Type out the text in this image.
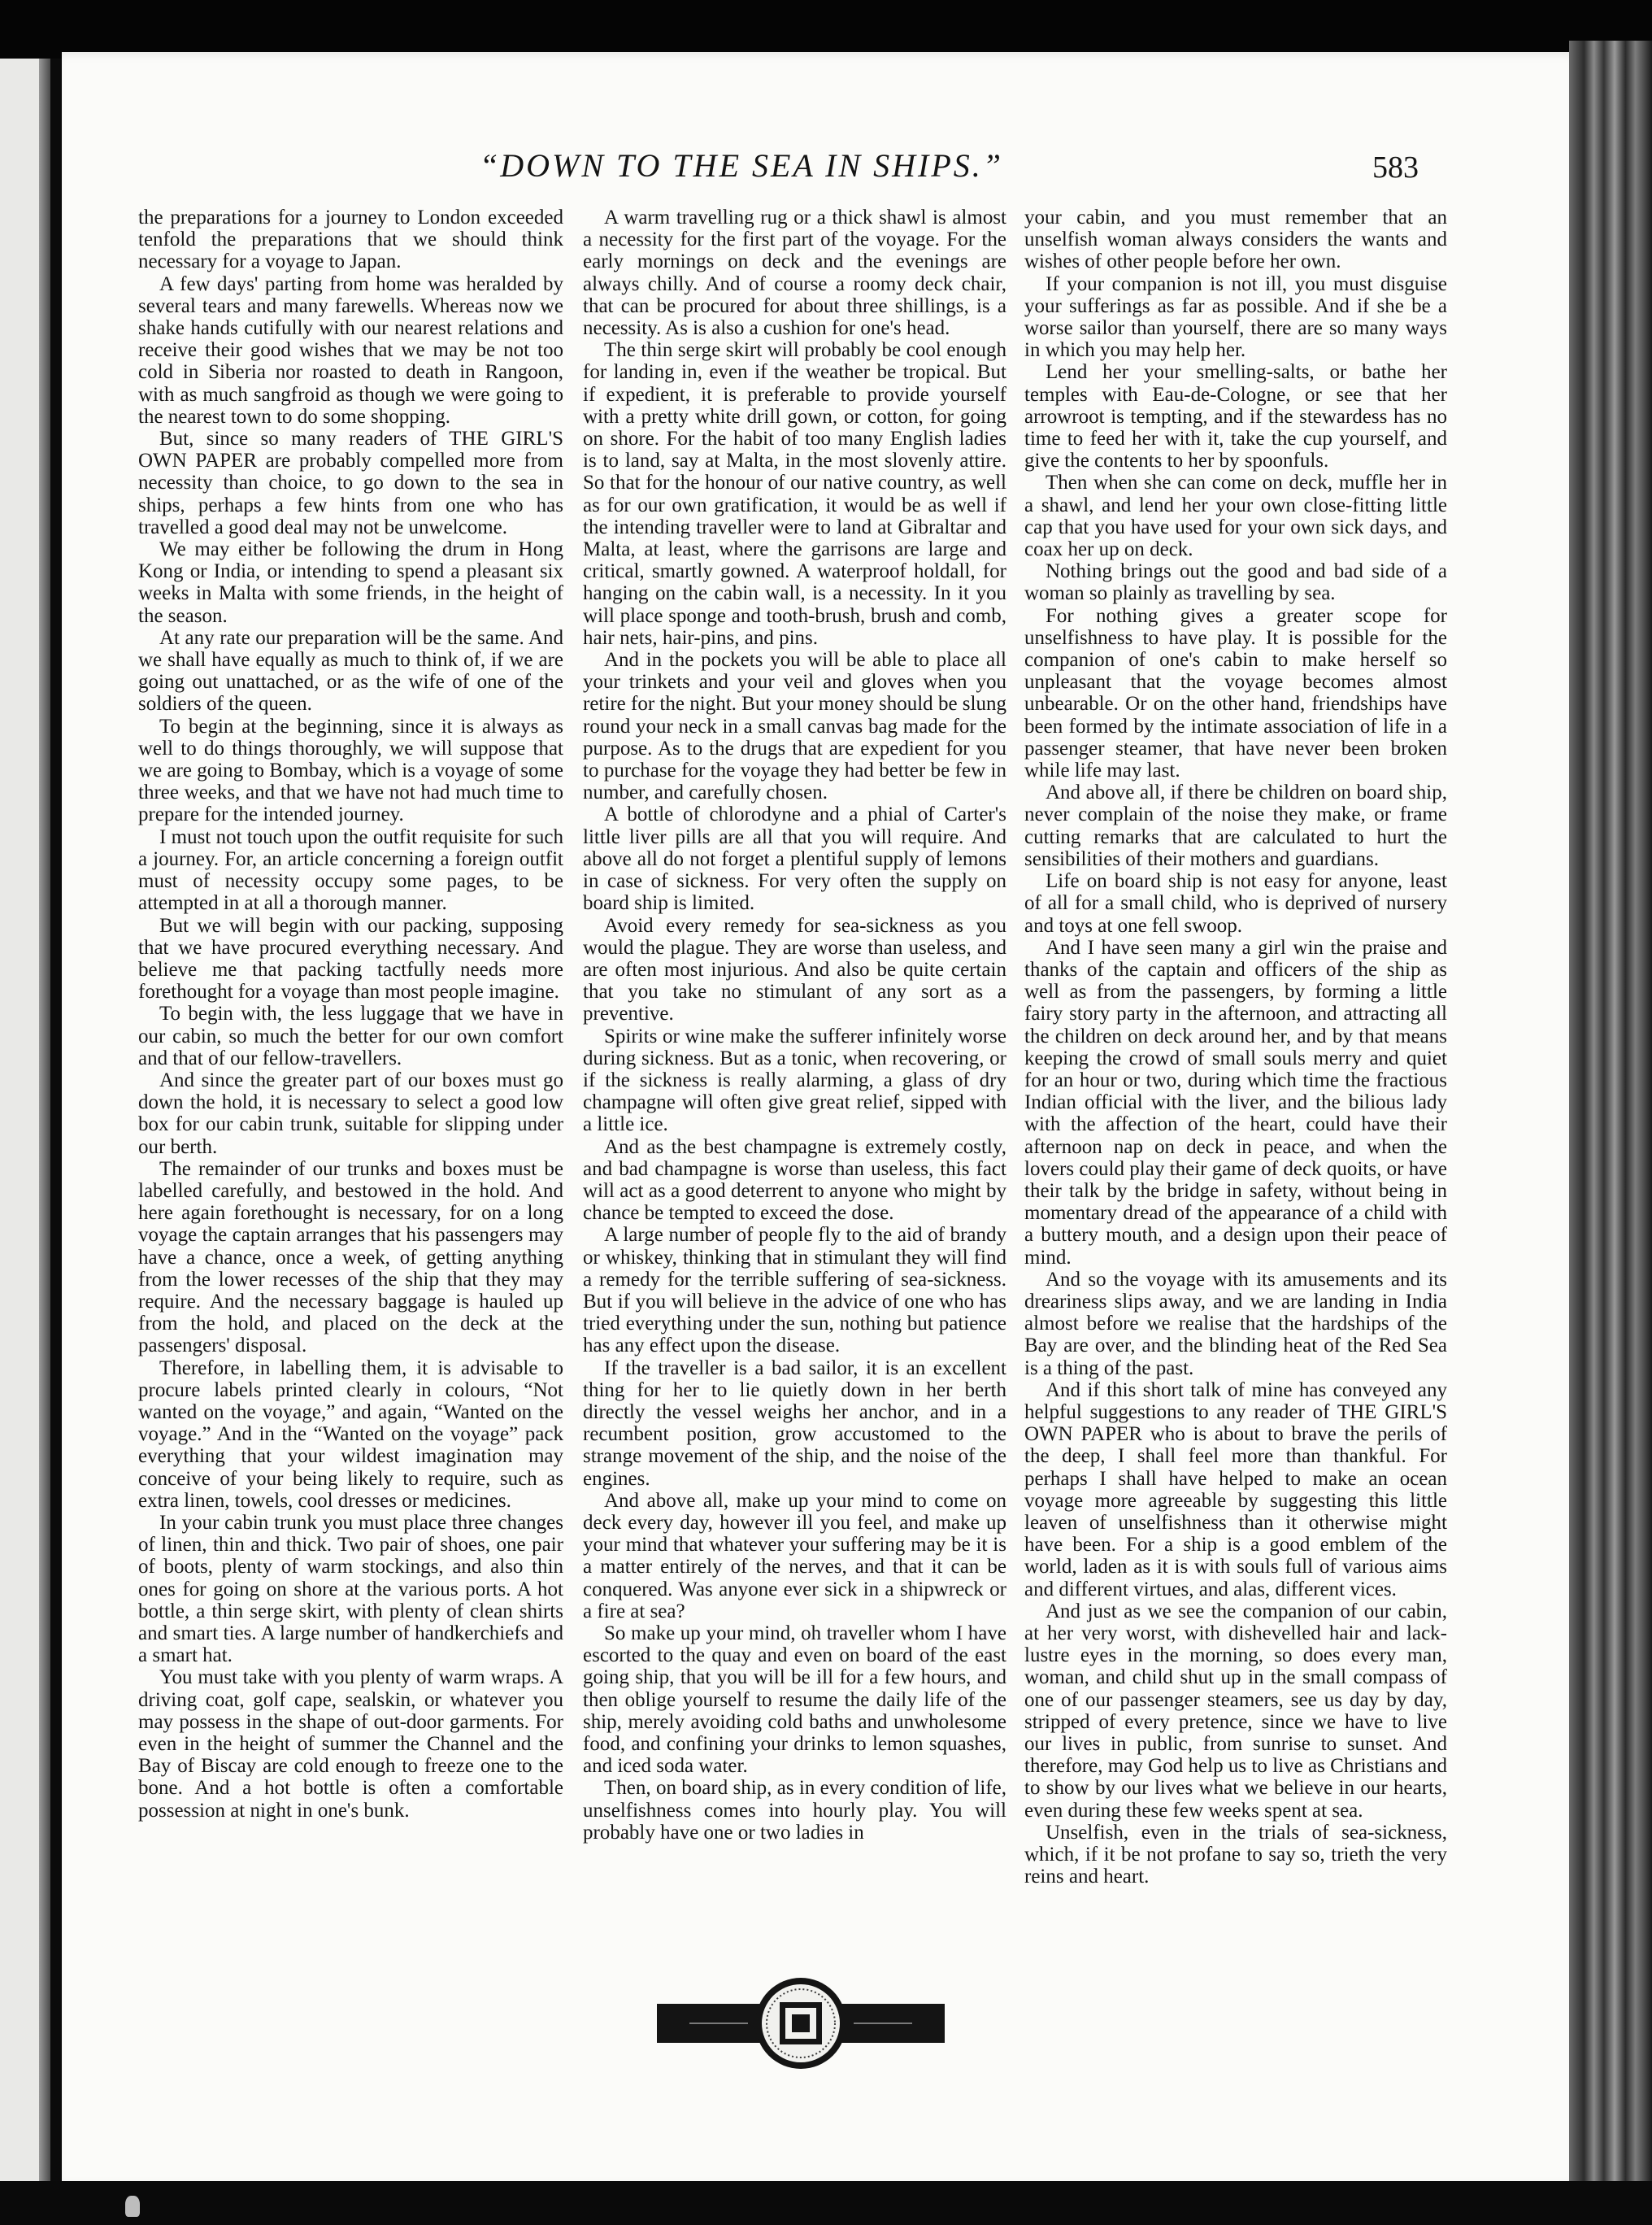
“DOWN TO THE SEA IN SHIPS.”	583

the preparations for a journey to London exceeded tenfold the preparations that we should think necessary for a voyage to Japan.

A few days' parting from home was heralded by several tears and many farewells. Whereas now we shake hands cutifully with our nearest relations and receive their good wishes that we may be not too cold in Siberia nor roasted to death in Rangoon, with as much sangfroid as though we were going to the nearest town to do some shopping.

But, since so many readers of THE GIRL'S OWN PAPER are probably compelled more from necessity than choice, to go down to the sea in ships, perhaps a few hints from one who has travelled a good deal may not be unwelcome.

We may either be following the drum in Hong Kong or India, or intending to spend a pleasant six weeks in Malta with some friends, in the height of the season.

At any rate our preparation will be the same. And we shall have equally as much to think of, if we are going out unattached, or as the wife of one of the soldiers of the queen.

To begin at the beginning, since it is always as well to do things thoroughly, we will suppose that we are going to Bombay, which is a voyage of some three weeks, and that we have not had much time to prepare for the intended journey.

I must not touch upon the outfit requisite for such a journey. For, an article concerning a foreign outfit must of necessity occupy some pages, to be attempted in at all a thorough manner.

But we will begin with our packing, supposing that we have procured everything necessary. And believe me that packing tactfully needs more forethought for a voyage than most people imagine.

To begin with, the less luggage that we have in our cabin, so much the better for our own comfort and that of our fellow-travellers.

And since the greater part of our boxes must go down the hold, it is necessary to select a good low box for our cabin trunk, suitable for slipping under our berth.

The remainder of our trunks and boxes must be labelled carefully, and bestowed in the hold. And here again forethought is necessary, for on a long voyage the captain arranges that his passengers may have a chance, once a week, of getting anything from the lower recesses of the ship that they may require. And the necessary baggage is hauled up from the hold, and placed on the deck at the passengers' disposal.

Therefore, in labelling them, it is advisable to procure labels printed clearly in colours, “Not wanted on the voyage,” and again, “Wanted on the voyage.” And in the “Wanted on the voyage” pack everything that your wildest imagination may conceive of your being likely to require, such as extra linen, towels, cool dresses or medicines.

In your cabin trunk you must place three changes of linen, thin and thick. Two pair of shoes, one pair of boots, plenty of warm stockings, and also thin ones for going on shore at the various ports. A hot bottle, a thin serge skirt, with plenty of clean shirts and smart ties. A large number of handkerchiefs and a smart hat.

You must take with you plenty of warm wraps. A driving coat, golf cape, sealskin, or whatever you may possess in the shape of out-door garments. For even in the height of summer the Channel and the Bay of Biscay are cold enough to freeze one to the bone. And a hot bottle is often a comfortable possession at night in one's bunk.

A warm travelling rug or a thick shawl is almost a necessity for the first part of the voyage. For the early mornings on deck and the evenings are always chilly. And of course a roomy deck chair, that can be procured for about three shillings, is a necessity. As is also a cushion for one's head.

The thin serge skirt will probably be cool enough for landing in, even if the weather be tropical. But if expedient, it is preferable to provide yourself with a pretty white drill gown, or cotton, for going on shore. For the habit of too many English ladies is to land, say at Malta, in the most slovenly attire. So that for the honour of our native country, as well as for our own gratification, it would be as well if the intending traveller were to land at Gibraltar and Malta, at least, where the garrisons are large and critical, smartly gowned. A waterproof holdall, for hanging on the cabin wall, is a necessity. In it you will place sponge and tooth-brush, brush and comb, hair nets, hair-pins, and pins.

And in the pockets you will be able to place all your trinkets and your veil and gloves when you retire for the night. But your money should be slung round your neck in a small canvas bag made for the purpose. As to the drugs that are expedient for you to purchase for the voyage they had better be few in number, and carefully chosen.

A bottle of chlorodyne and a phial of Carter's little liver pills are all that you will require. And above all do not forget a plentiful supply of lemons in case of sickness. For very often the supply on board ship is limited.

Avoid every remedy for sea-sickness as you would the plague. They are worse than useless, and are often most injurious. And also be quite certain that you take no stimulant of any sort as a preventive.

Spirits or wine make the sufferer infinitely worse during sickness. But as a tonic, when recovering, or if the sickness is really alarming, a glass of dry champagne will often give great relief, sipped with a little ice.

And as the best champagne is extremely costly, and bad champagne is worse than useless, this fact will act as a good deterrent to anyone who might by chance be tempted to exceed the dose.

A large number of people fly to the aid of brandy or whiskey, thinking that in stimulant they will find a remedy for the terrible suffering of sea-sickness. But if you will believe in the advice of one who has tried everything under the sun, nothing but patience has any effect upon the disease.

If the traveller is a bad sailor, it is an excellent thing for her to lie quietly down in her berth directly the vessel weighs her anchor, and in a recumbent position, grow accustomed to the strange movement of the ship, and the noise of the engines.

And above all, make up your mind to come on deck every day, however ill you feel, and make up your mind that whatever your suffering may be it is a matter entirely of the nerves, and that it can be conquered. Was anyone ever sick in a shipwreck or a fire at sea?

So make up your mind, oh traveller whom I have escorted to the quay and even on board of the east going ship, that you will be ill for a few hours, and then oblige yourself to resume the daily life of the ship, merely avoiding cold baths and unwholesome food, and confining your drinks to lemon squashes, and iced soda water.

Then, on board ship, as in every condition of life, unselfishness comes into hourly play. You will probably have one or two ladies in

your cabin, and you must remember that an unselfish woman always considers the wants and wishes of other people before her own.

If your companion is not ill, you must disguise your sufferings as far as possible. And if she be a worse sailor than yourself, there are so many ways in which you may help her.

Lend her your smelling-salts, or bathe her temples with Eau-de-Cologne, or see that her arrowroot is tempting, and if the stewardess has no time to feed her with it, take the cup yourself, and give the contents to her by spoonfuls.

Then when she can come on deck, muffle her in a shawl, and lend her your own close-fitting little cap that you have used for your own sick days, and coax her up on deck.

Nothing brings out the good and bad side of a woman so plainly as travelling by sea.

For nothing gives a greater scope for unselfishness to have play. It is possible for the companion of one's cabin to make herself so unpleasant that the voyage becomes almost unbearable. Or on the other hand, friendships have been formed by the intimate association of life in a passenger steamer, that have never been broken while life may last.

And above all, if there be children on board ship, never complain of the noise they make, or frame cutting remarks that are calculated to hurt the sensibilities of their mothers and guardians.

Life on board ship is not easy for anyone, least of all for a small child, who is deprived of nursery and toys at one fell swoop.

And I have seen many a girl win the praise and thanks of the captain and officers of the ship as well as from the passengers, by forming a little fairy story party in the afternoon, and attracting all the children on deck around her, and by that means keeping the crowd of small souls merry and quiet for an hour or two, during which time the fractious Indian official with the liver, and the bilious lady with the affection of the heart, could have their afternoon nap on deck in peace, and when the lovers could play their game of deck quoits, or have their talk by the bridge in safety, without being in momentary dread of the appearance of a child with a buttery mouth, and a design upon their peace of mind.

And so the voyage with its amusements and its dreariness slips away, and we are landing in India almost before we realise that the hardships of the Bay are over, and the blinding heat of the Red Sea is a thing of the past.

And if this short talk of mine has conveyed any helpful suggestions to any reader of THE GIRL'S OWN PAPER who is about to brave the perils of the deep, I shall feel more than thankful. For perhaps I shall have helped to make an ocean voyage more agreeable by suggesting this little leaven of unselfishness than it otherwise might have been. For a ship is a good emblem of the world, laden as it is with souls full of various aims and different virtues, and alas, different vices.

And just as we see the companion of our cabin, at her very worst, with dishevelled hair and lack-lustre eyes in the morning, so does every man, woman, and child shut up in the small compass of one of our passenger steamers, see us day by day, stripped of every pretence, since we have to live our lives in public, from sunrise to sunset. And therefore, may God help us to live as Christians and to show by our lives what we believe in our hearts, even during these few weeks spent at sea.

Unselfish, even in the trials of sea-sickness, which, if it be not profane to say so, trieth the very reins and heart.
